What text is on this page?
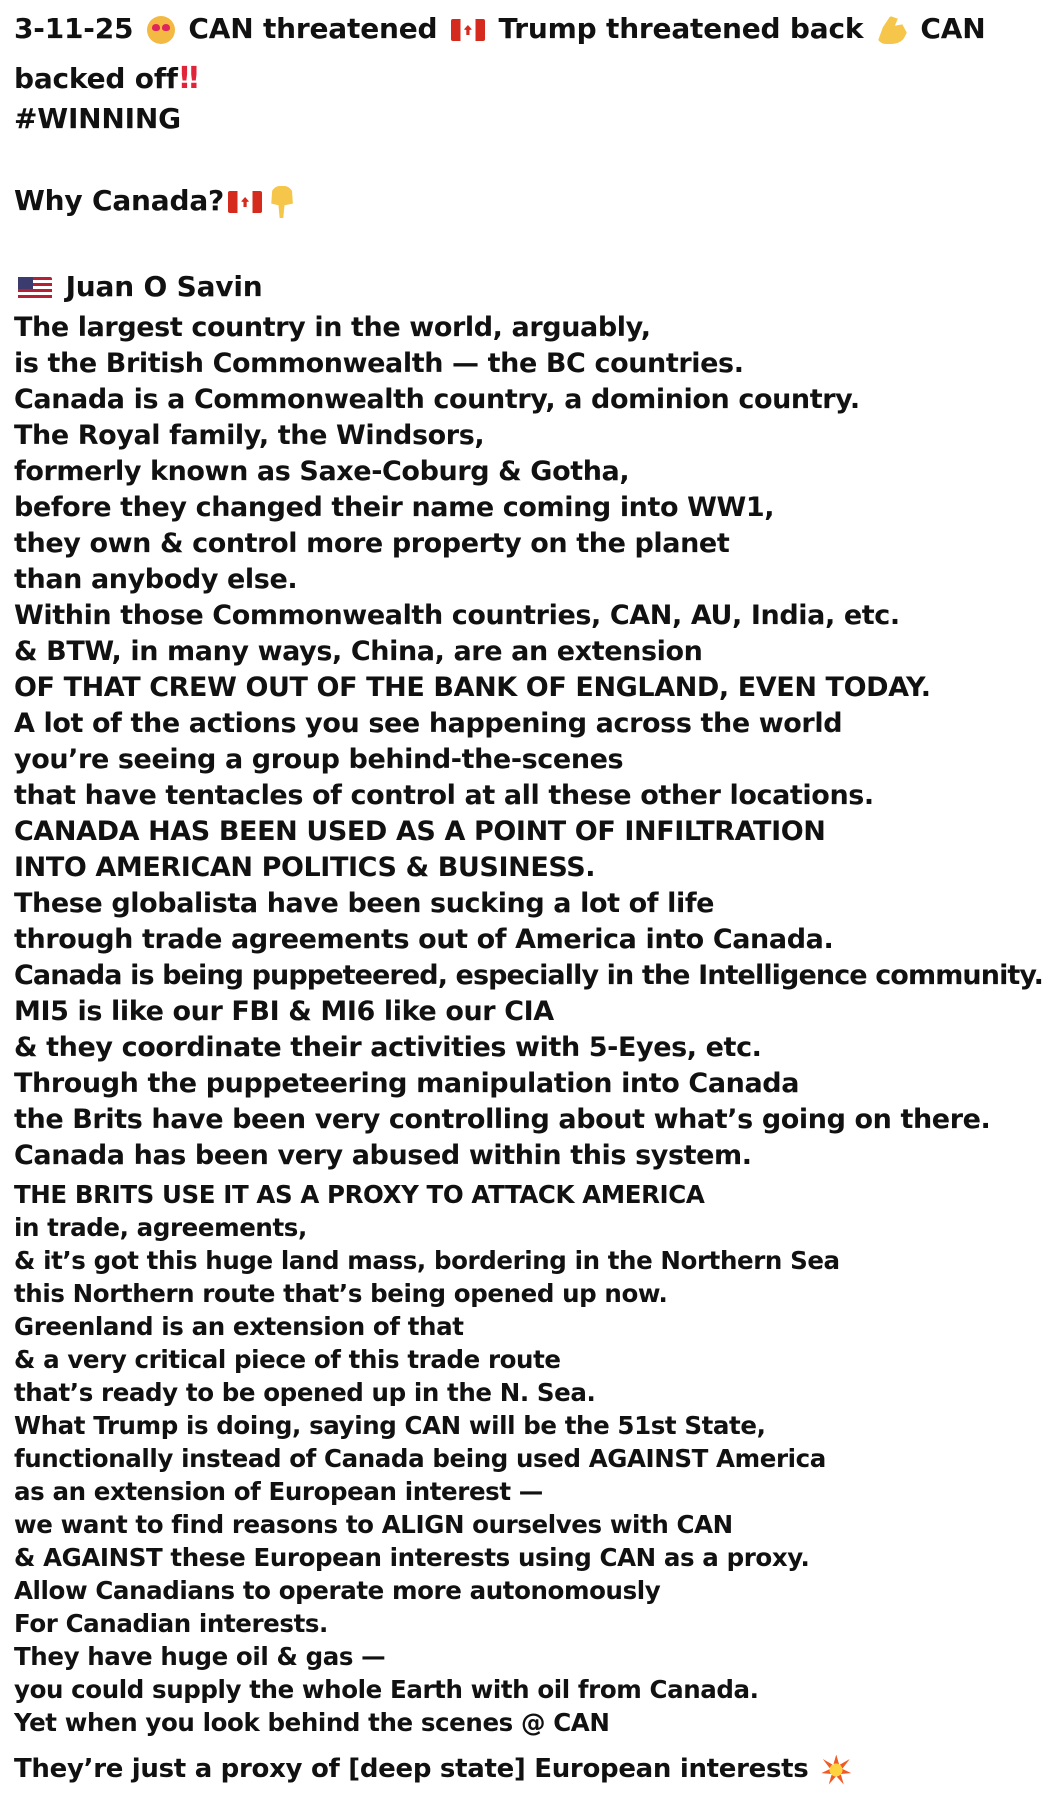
3-11-25 CAN threatened Trump threatened back CAN
backed off‼
#WINNING
Why Canada?
Juan O Savin
The largest country in the world, arguably,
is the British Commonwealth — the BC countries.
Canada is a Commonwealth country, a dominion country.
The Royal family, the Windsors,
formerly known as Saxe-Coburg & Gotha,
before they changed their name coming into WW1,
they own & control more property on the planet
than anybody else.
Within those Commonwealth countries, CAN, AU, India, etc.
& BTW, in many ways, China, are an extension
OF THAT CREW OUT OF THE BANK OF ENGLAND, EVEN TODAY.
A lot of the actions you see happening across the world
you’re seeing a group behind-the-scenes
that have tentacles of control at all these other locations.
CANADA HAS BEEN USED AS A POINT OF INFILTRATION
INTO AMERICAN POLITICS & BUSINESS.
These globalista have been sucking a lot of life
through trade agreements out of America into Canada.
Canada is being puppeteered, especially in the Intelligence community.
MI5 is like our FBI & MI6 like our CIA
& they coordinate their activities with 5-Eyes, etc.
Through the puppeteering manipulation into Canada
the Brits have been very controlling about what’s going on there.
Canada has been very abused within this system.
THE BRITS USE IT AS A PROXY TO ATTACK AMERICA
in trade, agreements,
& it’s got this huge land mass, bordering in the Northern Sea
this Northern route that’s being opened up now.
Greenland is an extension of that
& a very critical piece of this trade route
that’s ready to be opened up in the N. Sea.
What Trump is doing, saying CAN will be the 51st State,
functionally instead of Canada being used AGAINST America
as an extension of European interest —
we want to find reasons to ALIGN ourselves with CAN
& AGAINST these European interests using CAN as a proxy.
Allow Canadians to operate more autonomously
For Canadian interests.
They have huge oil & gas —
you could supply the whole Earth with oil from Canada.
Yet when you look behind the scenes @ CAN
They’re just a proxy of [deep state] European interests
